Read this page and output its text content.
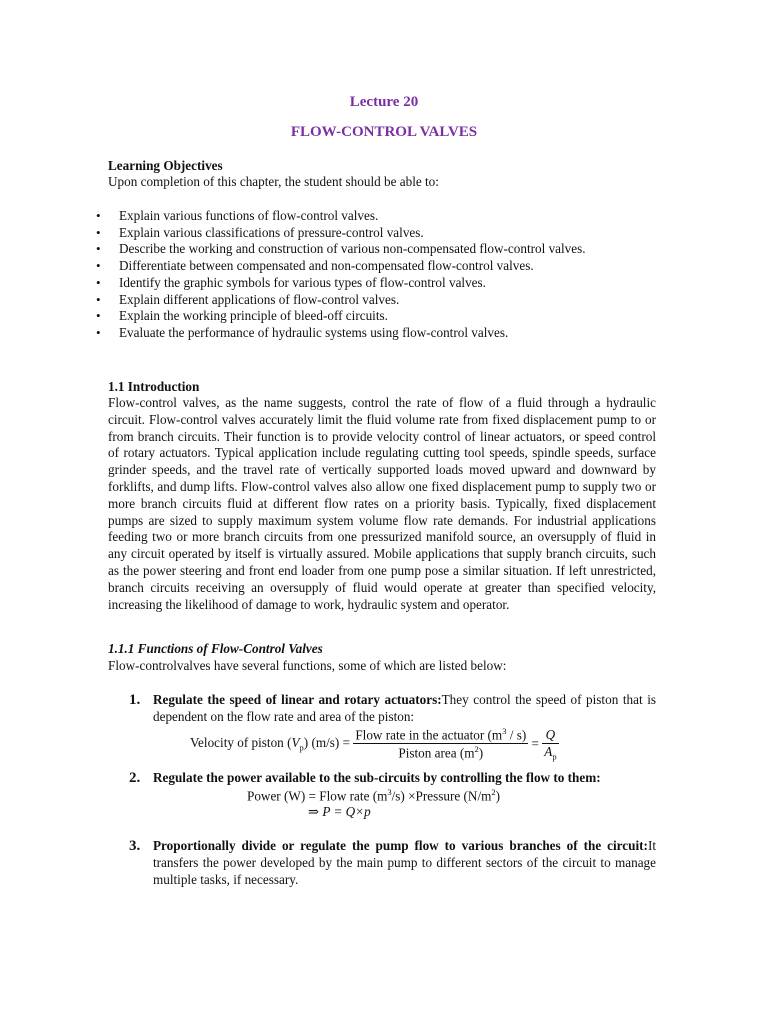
Lecture 20
FLOW-CONTROL VALVES
Learning Objectives
Upon completion of this chapter, the student should be able to:
• Explain various functions of flow-control valves.
• Explain various classifications of pressure-control valves.
• Describe the working and construction of various non-compensated flow-control valves.
• Differentiate between compensated and non-compensated flow-control valves.
• Identify the graphic symbols for various types of flow-control valves.
• Explain different applications of flow-control valves.
• Explain the working principle of bleed-off circuits.
• Evaluate the performance of hydraulic systems using flow-control valves.
1.1 Introduction
Flow-control valves, as the name suggests, control the rate of flow of a fluid through a hydraulic circuit. Flow-control valves accurately limit the fluid volume rate from fixed displacement pump to or from branch circuits. Their function is to provide velocity control of linear actuators, or speed control of rotary actuators. Typical application include regulating cutting tool speeds, spindle speeds, surface grinder speeds, and the travel rate of vertically supported loads moved upward and downward by forklifts, and dump lifts. Flow-control valves also allow one fixed displacement pump to supply two or more branch circuits fluid at different flow rates on a priority basis. Typically, fixed displacement pumps are sized to supply maximum system volume flow rate demands. For industrial applications feeding two or more branch circuits from one pressurized manifold source, an oversupply of fluid in any circuit operated by itself is virtually assured. Mobile applications that supply branch circuits, such as the power steering and front end loader from one pump pose a similar situation. If left unrestricted, branch circuits receiving an oversupply of fluid would operate at greater than specified velocity, increasing the likelihood of damage to work, hydraulic system and operator.
1.1.1 Functions of Flow-Control Valves
Flow-controlvalves have several functions, some of which are listed below:
1. Regulate the speed of linear and rotary actuators:They control the speed of piston that is dependent on the flow rate and area of the piston:
Velocity of piston $(V_p) (m/s) = \frac{Flow rate in the actuator (m^3 / s)}{Piston area (m^2)} = \frac{Q}{A_p}$
2. Regulate the power available to the sub-circuits by controlling the flow to them:
Power (W) = Flow rate $(m^3/s)$ ×Pressure $(N/m^2)$
⇒ P = Q×p
3. Proportionally divide or regulate the pump flow to various branches of the circuit:It transfers the power developed by the main pump to different sectors of the circuit to manage multiple tasks, if necessary.
